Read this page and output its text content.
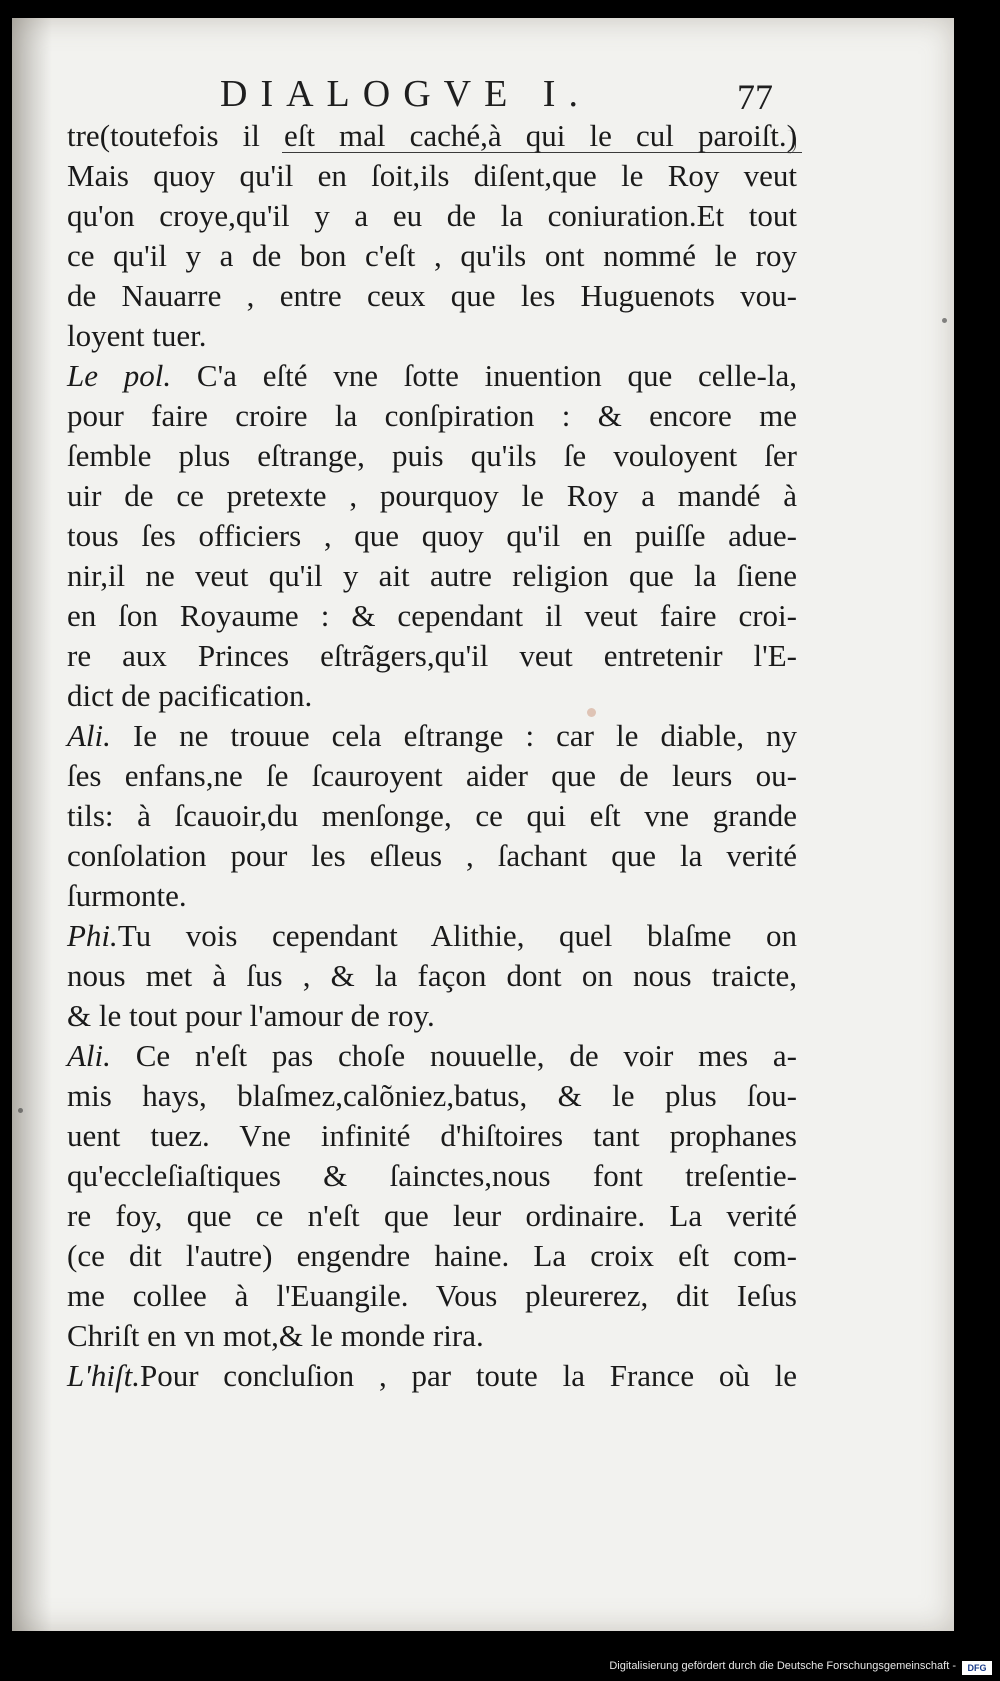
DIALOGVE I.	77
tre(toutefois il eſt mal caché,à qui le cul paroiſt.)
Mais quoy qu'il en ſoit,ils diſent,que le Roy veut
qu'on croye,qu'il y a eu de la coniuration.Et tout
ce qu'il y a de bon c'eſt , qu'ils ont nommé le roy
de Nauarre , entre ceux que les Huguenots vou-
loyent tuer.
Le pol. C'a eſté vne ſotte inuention que celle-la,
pour faire croire la conſpiration : & encore me
ſemble plus eſtrange, puis qu'ils ſe vouloyent ſer
uir de ce pretexte , pourquoy le Roy a mandé à
tous ſes officiers , que quoy qu'il en puiſſe adue-
nir,il ne veut qu'il y ait autre religion que la ſiene
en ſon Royaume : & cependant il veut faire croi-
re aux Princes eſtrãgers,qu'il veut entretenir l'E-
dict de pacification.
Ali. Ie ne trouue cela eſtrange : car le diable, ny
ſes enfans,ne ſe ſcauroyent aider que de leurs ou-
tils: à ſcauoir,du menſonge, ce qui eſt vne grande
conſolation pour les eſleus , ſachant que la verité
ſurmonte.
Phi.Tu vois cependant Alithie, quel blaſme on
nous met à ſus , & la façon dont on nous traicte,
& le tout pour l'amour de roy.
Ali. Ce n'eſt pas choſe nouuelle, de voir mes a-
mis hays, blaſmez,calõniez,batus, & le plus ſou-
uent tuez. Vne infinité d'hiſtoires tant prophanes
qu'eccleſiaſtiques & ſainctes,nous font treſentie-
re foy, que ce n'eſt que leur ordinaire. La verité
(ce dit l'autre) engendre haine. La croix eſt com-
me collee à l'Euangile. Vous pleurerez, dit Ieſus
Chriſt en vn mot,& le monde rira.
L'hiſt.Pour concluſion , par toute la France où le
Digitalisierung gefördert durch die Deutsche Forschungsgemeinschaft -	DFG
